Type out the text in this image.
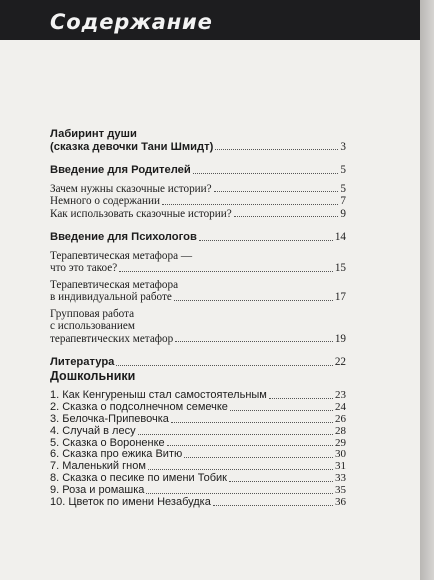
Содержание
Лабиринт души
(сказка девочки Тани Шмидт)	3
Введение для Родителей	5
Зачем нужны сказочные истории?	5
Немного о содержании	7
Как использовать сказочные истории?	9
Введение для Психологов	14
Терапевтическая метафора —
что это такое?	15
Терапевтическая метафора
в индивидуальной работе	17
Групповая работа
с использованием
терапевтических метафор	19
Литература	22
Дошкольники
1. Как Кенгуреныш стал самостоятельным	23
2. Сказка о подсолнечном семечке	24
3. Белочка-Припевочка	26
4. Случай в лесу	28
5. Сказка о Вороненке	29
6. Сказка про ежика Витю	30
7. Маленький гном	31
8. Сказка о песике по имени Тобик	33
9. Роза и ромашка	35
10. Цветок по имени Незабудка	36
